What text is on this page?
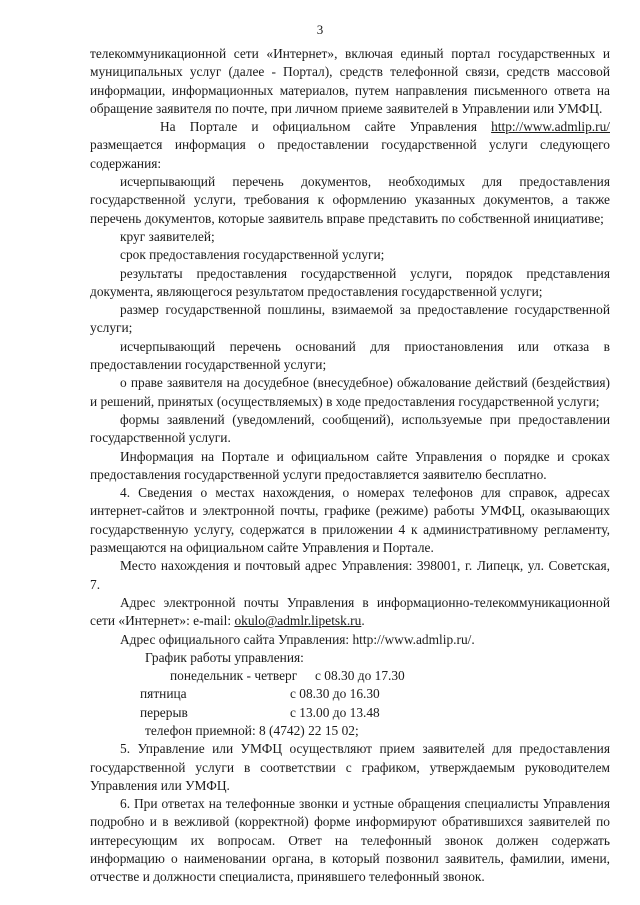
3

телекоммуникационной сети «Интернет», включая единый портал государственных и муниципальных услуг (далее - Портал), средств телефонной связи, средств массовой информации, информационных материалов, путем направления письменного ответа на обращение заявителя по почте, при личном приеме заявителей в Управлении или УМФЦ.

На Портале и официальном сайте Управления http://www.admlip.ru/ размещается информация о предоставлении государственной услуги следующего содержания:

исчерпывающий перечень документов, необходимых для предоставления государственной услуги, требования к оформлению указанных документов, а также перечень документов, которые заявитель вправе представить по собственной инициативе;

круг заявителей;

срок предоставления государственной услуги;

результаты предоставления государственной услуги, порядок представления документа, являющегося результатом предоставления государственной услуги;

размер государственной пошлины, взимаемой за предоставление государственной услуги;

исчерпывающий перечень оснований для приостановления или отказа в предоставлении государственной услуги;

о праве заявителя на досудебное (внесудебное) обжалование действий (бездействия) и решений, принятых (осуществляемых) в ходе предоставления государственной услуги;

формы заявлений (уведомлений, сообщений), используемые при предоставлении государственной услуги.

Информация на Портале и официальном сайте Управления о порядке и сроках предоставления государственной услуги предоставляется заявителю бесплатно.

4. Сведения о местах нахождения, о номерах телефонов для справок, адресах интернет-сайтов и электронной почты, графике (режиме) работы УМФЦ, оказывающих государственную услугу, содержатся в приложении 4 к административному регламенту, размещаются на официальном сайте Управления и Портале.

Место нахождения и почтовый адрес Управления: 398001, г. Липецк, ул. Советская, 7.

Адрес электронной почты Управления в информационно-телекоммуникационной сети «Интернет»: e-mail: okulo@admlr.lipetsk.ru.

Адрес официального сайта Управления: http://www.admlip.ru/.

График работы управления:

понедельник - четверг	с 08.30 до 17.30
пятница	с 08.30 до 16.30
перерыв	с 13.00 до 13.48

телефон приемной: 8 (4742) 22 15 02;

5. Управление или УМФЦ осуществляют прием заявителей для предоставления государственной услуги в соответствии с графиком, утверждаемым руководителем Управления или УМФЦ.

6. При ответах на телефонные звонки и устные обращения специалисты Управления подробно и в вежливой (корректной) форме информируют обратившихся заявителей по интересующим их вопросам. Ответ на телефонный звонок должен содержать информацию о наименовании органа, в который позвонил заявитель, фамилии, имени, отчестве и должности специалиста, принявшего телефонный звонок.
